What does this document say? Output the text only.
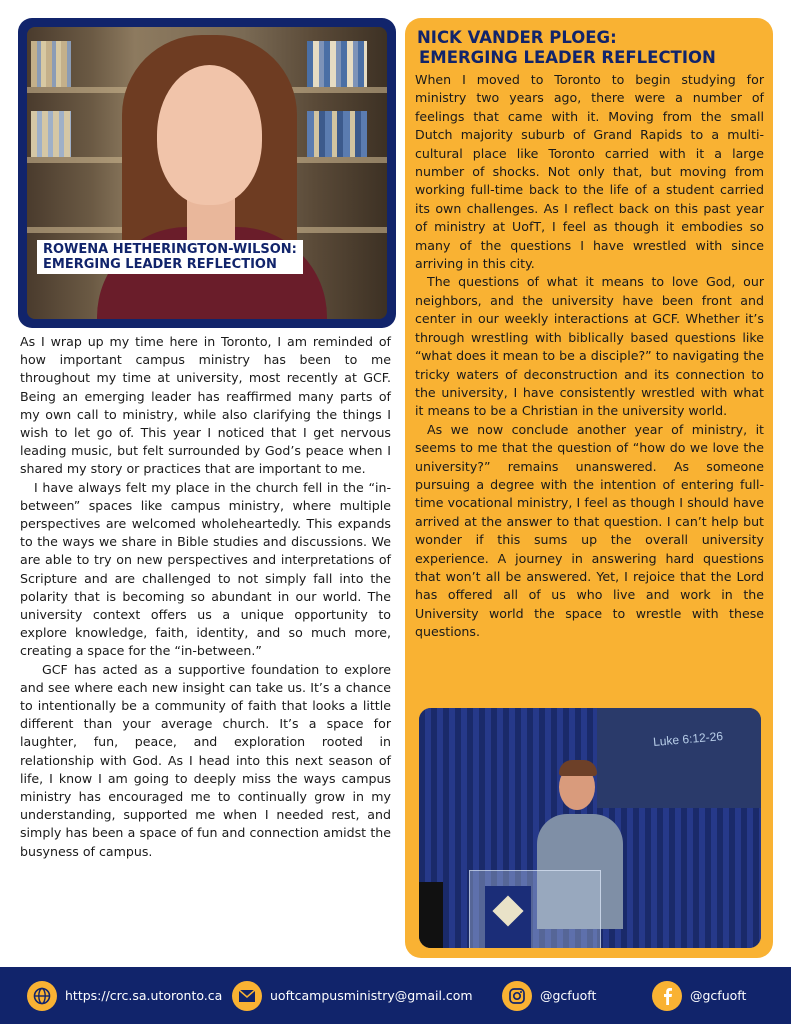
ROWENA HETHERINGTON-WILSON:
EMERGING LEADER REFLECTION

As I wrap up my time here in Toronto, I am reminded of how important campus ministry has been to me throughout my time at university, most recently at GCF. Being an emerging leader has reaffirmed many parts of my own call to ministry, while also clarifying the things I wish to let go of. This year I noticed that I get nervous leading music, but felt surrounded by God’s peace when I shared my story or practices that are important to me.

I have always felt my place in the church fell in the “in-between” spaces like campus ministry, where multiple perspectives are welcomed wholeheartedly. This expands to the ways we share in Bible studies and discussions. We are able to try on new perspectives and interpretations of Scripture and are challenged to not simply fall into the polarity that is becoming so abundant in our world. The university context offers us a unique opportunity to explore knowledge, faith, identity, and so much more, creating a space for the “in-between.”

GCF has acted as a supportive foundation to explore and see where each new insight can take us. It’s a chance to intentionally be a community of faith that looks a little different than your average church. It’s a space for laughter, fun, peace, and exploration rooted in relationship with God. As I head into this next season of life, I know I am going to deeply miss the ways campus ministry has encouraged me to continually grow in my understanding, supported me when I needed rest, and simply has been a space of fun and connection amidst the busyness of campus.

NICK VANDER PLOEG:
EMERGING LEADER REFLECTION

When I moved to Toronto to begin studying for ministry two years ago, there were a number of feelings that came with it. Moving from the small Dutch majority suburb of Grand Rapids to a multi-cultural place like Toronto carried with it a large number of shocks. Not only that, but moving from working full-time back to the life of a student carried its own challenges. As I reflect back on this past year of ministry at UofT, I feel as though it embodies so many of the questions I have wrestled with since arriving in this city.

The questions of what it means to love God, our neighbors, and the university have been front and center in our weekly interactions at GCF. Whether it’s through wrestling with biblically based questions like “what does it mean to be a disciple?” to navigating the tricky waters of deconstruction and its connection to the university, I have consistently wrestled with what it means to be a Christian in the university world.

As we now conclude another year of ministry, it seems to me that the question of “how do we love the university?” remains unanswered. As someone pursuing a degree with the intention of entering full-time vocational ministry, I feel as though I should have arrived at the answer to that question. I can’t help but wonder if this sums up the overall university experience. A journey in answering hard questions that won’t all be answered. Yet, I rejoice that the Lord has offered all of us who live and work in the University world the space to wrestle with these questions.

Luke 6:12-26
https://crc.sa.utoronto.ca	uoftcampusministry@gmail.com	@gcfuoft	@gcfuoft
